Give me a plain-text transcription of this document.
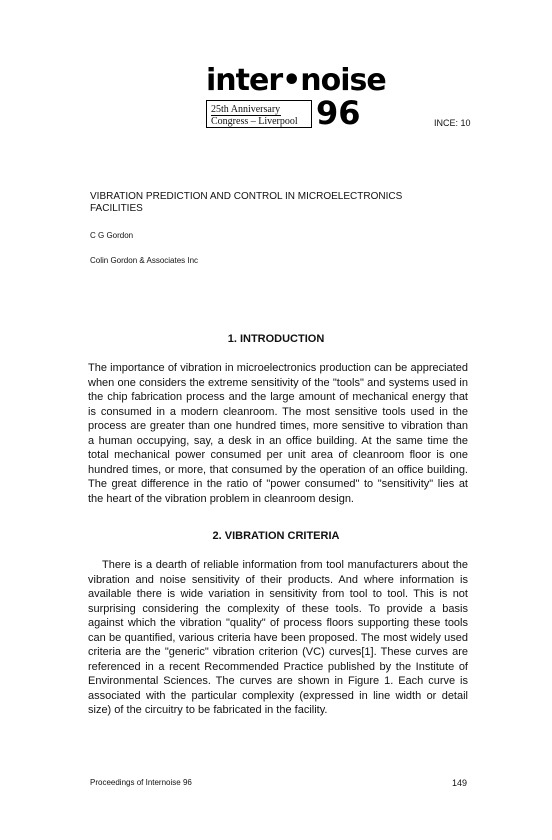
inter•noise
25th Anniversary
Congress – Liverpool 96	INCE: 10
VIBRATION PREDICTION AND CONTROL IN MICROELECTRONICS FACILITIES
C G Gordon
Colin Gordon & Associates Inc
1. INTRODUCTION
The importance of vibration in microelectronics production can be appreciated when one considers the extreme sensitivity of the "tools" and systems used in the chip fabrication process and the large amount of mechanical energy that is consumed in a modern cleanroom. The most sensitive tools used in the process are greater than one hundred times, more sensitive to vibration than a human occupying, say, a desk in an office building. At the same time the total mechanical power consumed per unit area of cleanroom floor is one hundred times, or more, that consumed by the operation of an office building. The great difference in the ratio of "power consumed" to "sensitivity" lies at the heart of the vibration problem in cleanroom design.
2. VIBRATION CRITERIA
There is a dearth of reliable information from tool manufacturers about the vibration and noise sensitivity of their products. And where information is available there is wide variation in sensitivity from tool to tool. This is not surprising considering the complexity of these tools. To provide a basis against which the vibration "quality" of process floors supporting these tools can be quantified, various criteria have been proposed. The most widely used criteria are the "generic" vibration criterion (VC) curves[1]. These curves are referenced in a recent Recommended Practice published by the Institute of Environmental Sciences. The curves are shown in Figure 1. Each curve is associated with the particular complexity (expressed in line width or detail size) of the circuitry to be fabricated in the facility.
Proceedings of Internoise 96	149
